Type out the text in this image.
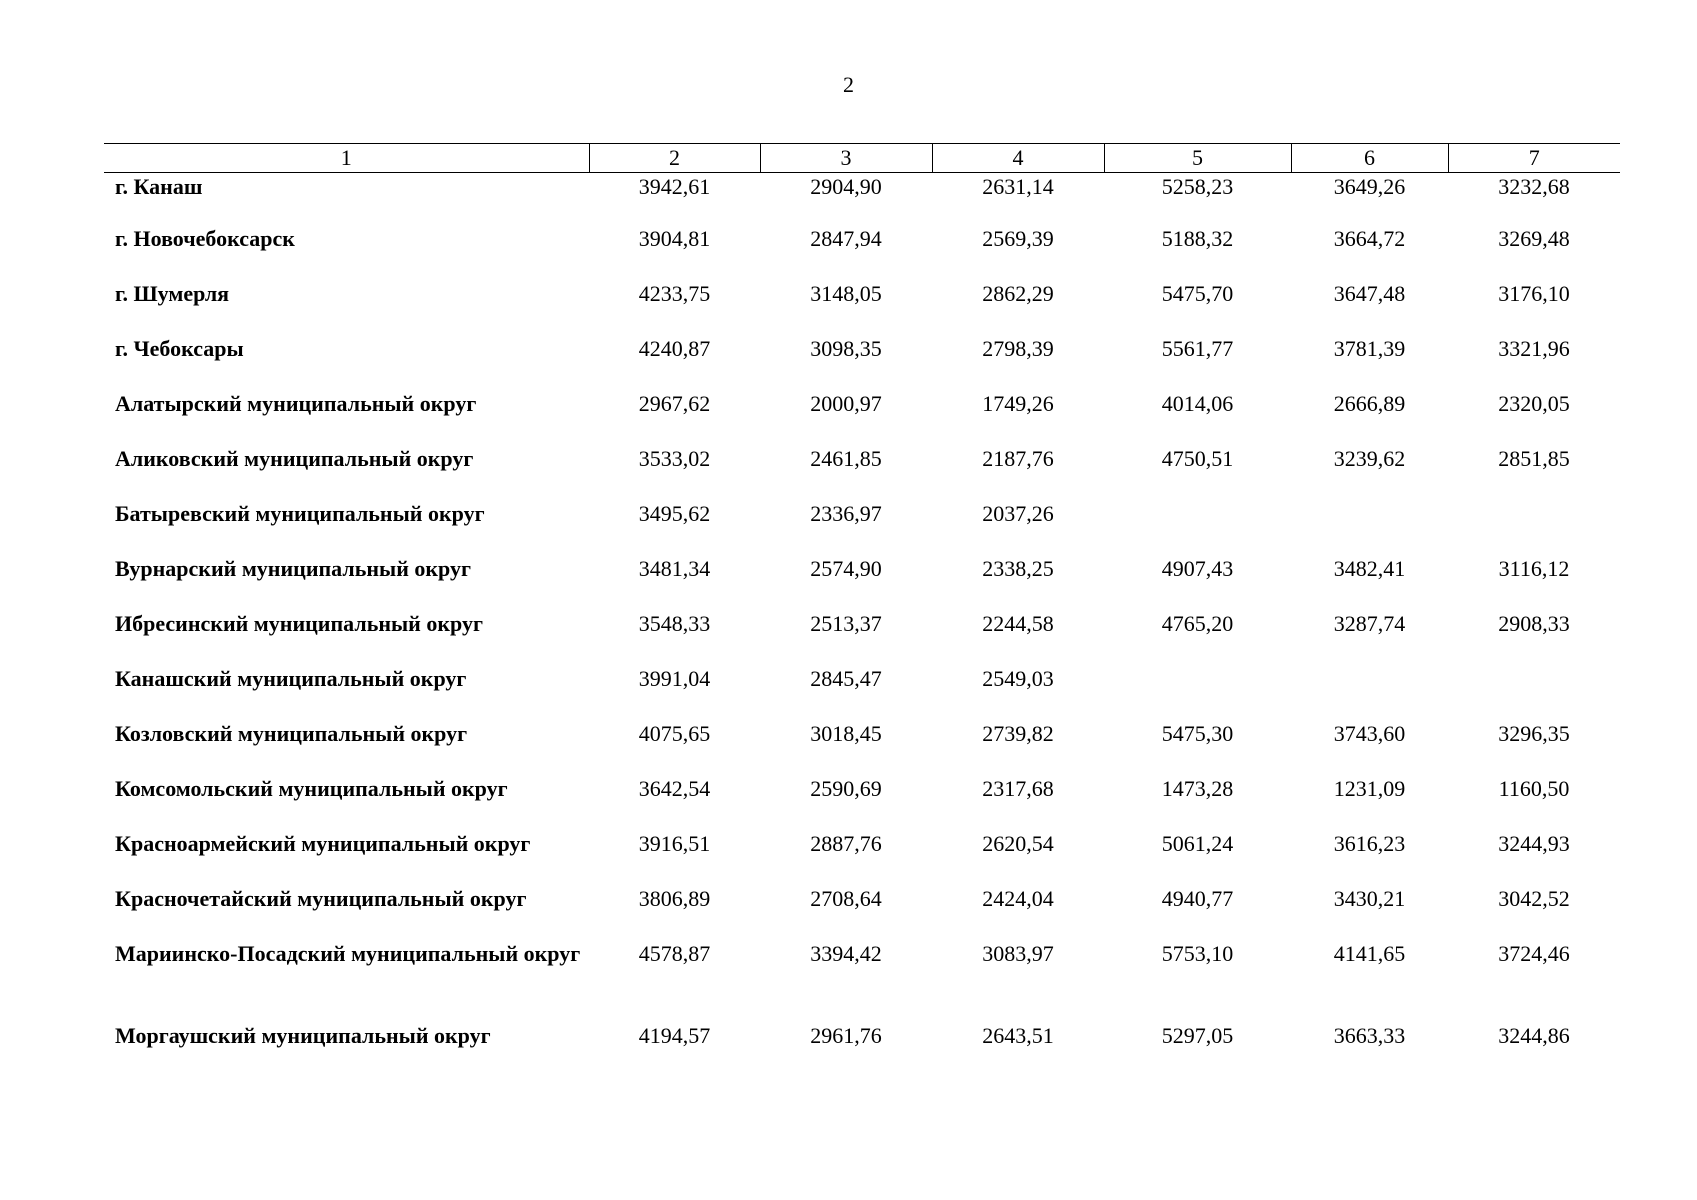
2
1	2	3	4	5	6	7
г. Канаш	3942,61	2904,90	2631,14	5258,23	3649,26	3232,68
г. Новочебоксарск	3904,81	2847,94	2569,39	5188,32	3664,72	3269,48
г. Шумерля	4233,75	3148,05	2862,29	5475,70	3647,48	3176,10
г. Чебоксары	4240,87	3098,35	2798,39	5561,77	3781,39	3321,96
Алатырский муниципальный округ	2967,62	2000,97	1749,26	4014,06	2666,89	2320,05
Аликовский муниципальный округ	3533,02	2461,85	2187,76	4750,51	3239,62	2851,85
Батыревский муниципальный округ	3495,62	2336,97	2037,26			
Вурнарский муниципальный округ	3481,34	2574,90	2338,25	4907,43	3482,41	3116,12
Ибресинский муниципальный округ	3548,33	2513,37	2244,58	4765,20	3287,74	2908,33
Канашский муниципальный округ	3991,04	2845,47	2549,03			
Козловский муниципальный округ	4075,65	3018,45	2739,82	5475,30	3743,60	3296,35
Комсомольский муниципальный округ	3642,54	2590,69	2317,68	1473,28	1231,09	1160,50
Красноармейский муниципальный округ	3916,51	2887,76	2620,54	5061,24	3616,23	3244,93
Красночетайский муниципальный округ	3806,89	2708,64	2424,04	4940,77	3430,21	3042,52
Мариинско-Посадский муниципальный округ	4578,87	3394,42	3083,97	5753,10	4141,65	3724,46
Моргаушский муниципальный округ	4194,57	2961,76	2643,51	5297,05	3663,33	3244,86
